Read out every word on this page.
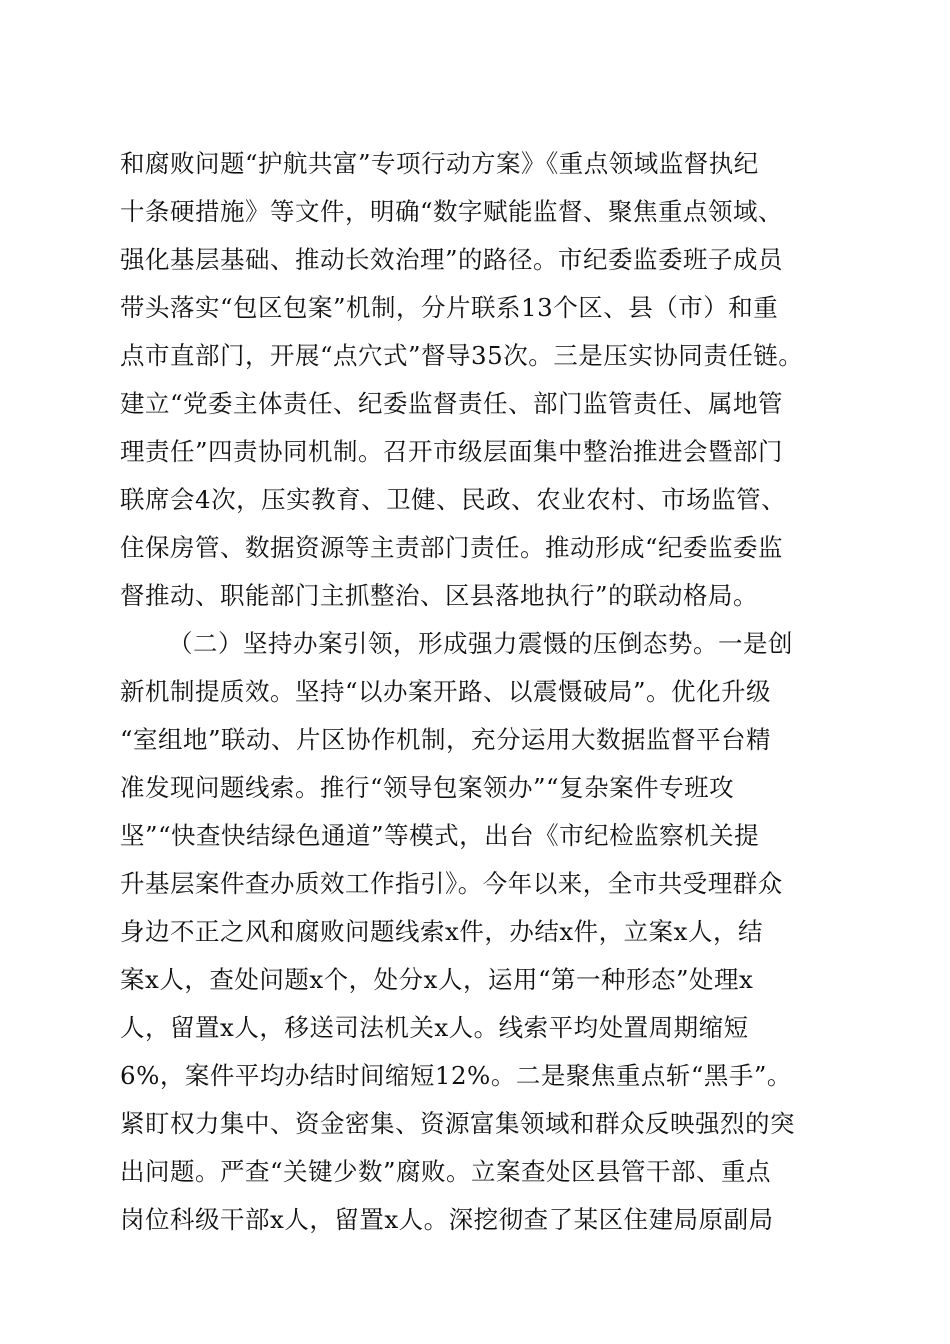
和腐败问题“护航共富”专项行动方案》《重点领域监督执纪
十条硬措施》等文件，明确“数字赋能监督、聚焦重点领域、
强化基层基础、推动长效治理”的路径。市纪委监委班子成员
带头落实“包区包案”机制，分片联系13个区、县（市）和重
点市直部门，开展“点穴式”督导35次。三是压实协同责任链。
建立“党委主体责任、纪委监督责任、部门监管责任、属地管
理责任”四责协同机制。召开市级层面集中整治推进会暨部门
联席会4次，压实教育、卫健、民政、农业农村、市场监管、
住保房管、数据资源等主责部门责任。推动形成“纪委监委监
督推动、职能部门主抓整治、区县落地执行”的联动格局。
（二）坚持办案引领，形成强力震慑的压倒态势。一是创
新机制提质效。坚持“以办案开路、以震慑破局”。优化升级
“室组地”联动、片区协作机制，充分运用大数据监督平台精
准发现问题线索。推行“领导包案领办”“复杂案件专班攻
坚”“快查快结绿色通道”等模式，出台《市纪检监察机关提
升基层案件查办质效工作指引》。今年以来，全市共受理群众
身边不正之风和腐败问题线索x件，办结x件，立案x人，结
案x人，查处问题x个，处分x人，运用“第一种形态”处理x
人，留置x人，移送司法机关x人。线索平均处置周期缩短
6%，案件平均办结时间缩短12%。二是聚焦重点斩“黑手”。
紧盯权力集中、资金密集、资源富集领域和群众反映强烈的突
出问题。严查“关键少数”腐败。立案查处区县管干部、重点
岗位科级干部x人，留置x人。深挖彻查了某区住建局原副局
